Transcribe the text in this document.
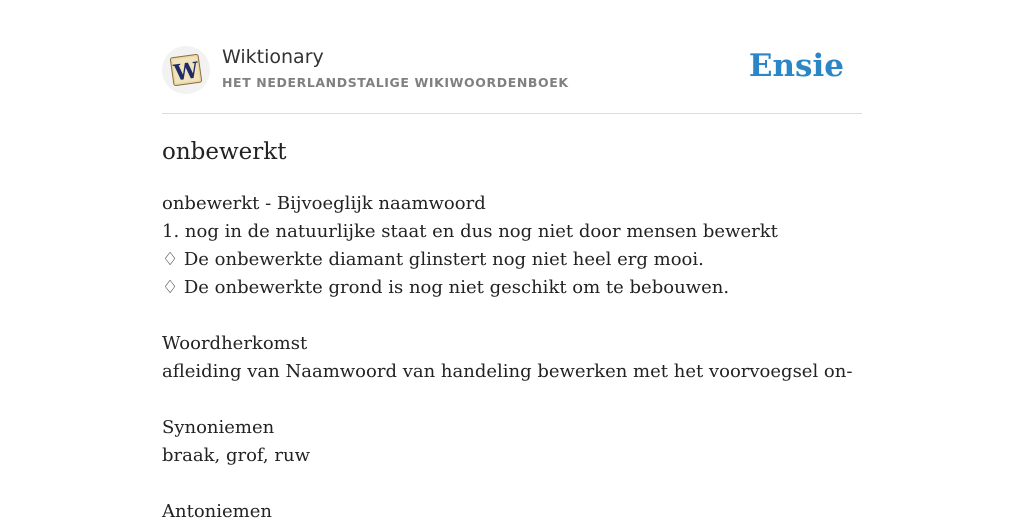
W
Wiktionary
HET NEDERLANDSTALIGE WIKIWOORDENBOEK	Ensie
onbewerkt
onbewerkt - Bijvoeglijk naamwoord
1. nog in de natuurlijke staat en dus nog niet door mensen bewerkt
♢ De onbewerkte diamant glinstert nog niet heel erg mooi.
♢ De onbewerkte grond is nog niet geschikt om te bebouwen.
Woordherkomst
afleiding van Naamwoord van handeling bewerken met het voorvoegsel on-
Synoniemen
braak, grof, ruw
Antoniemen
